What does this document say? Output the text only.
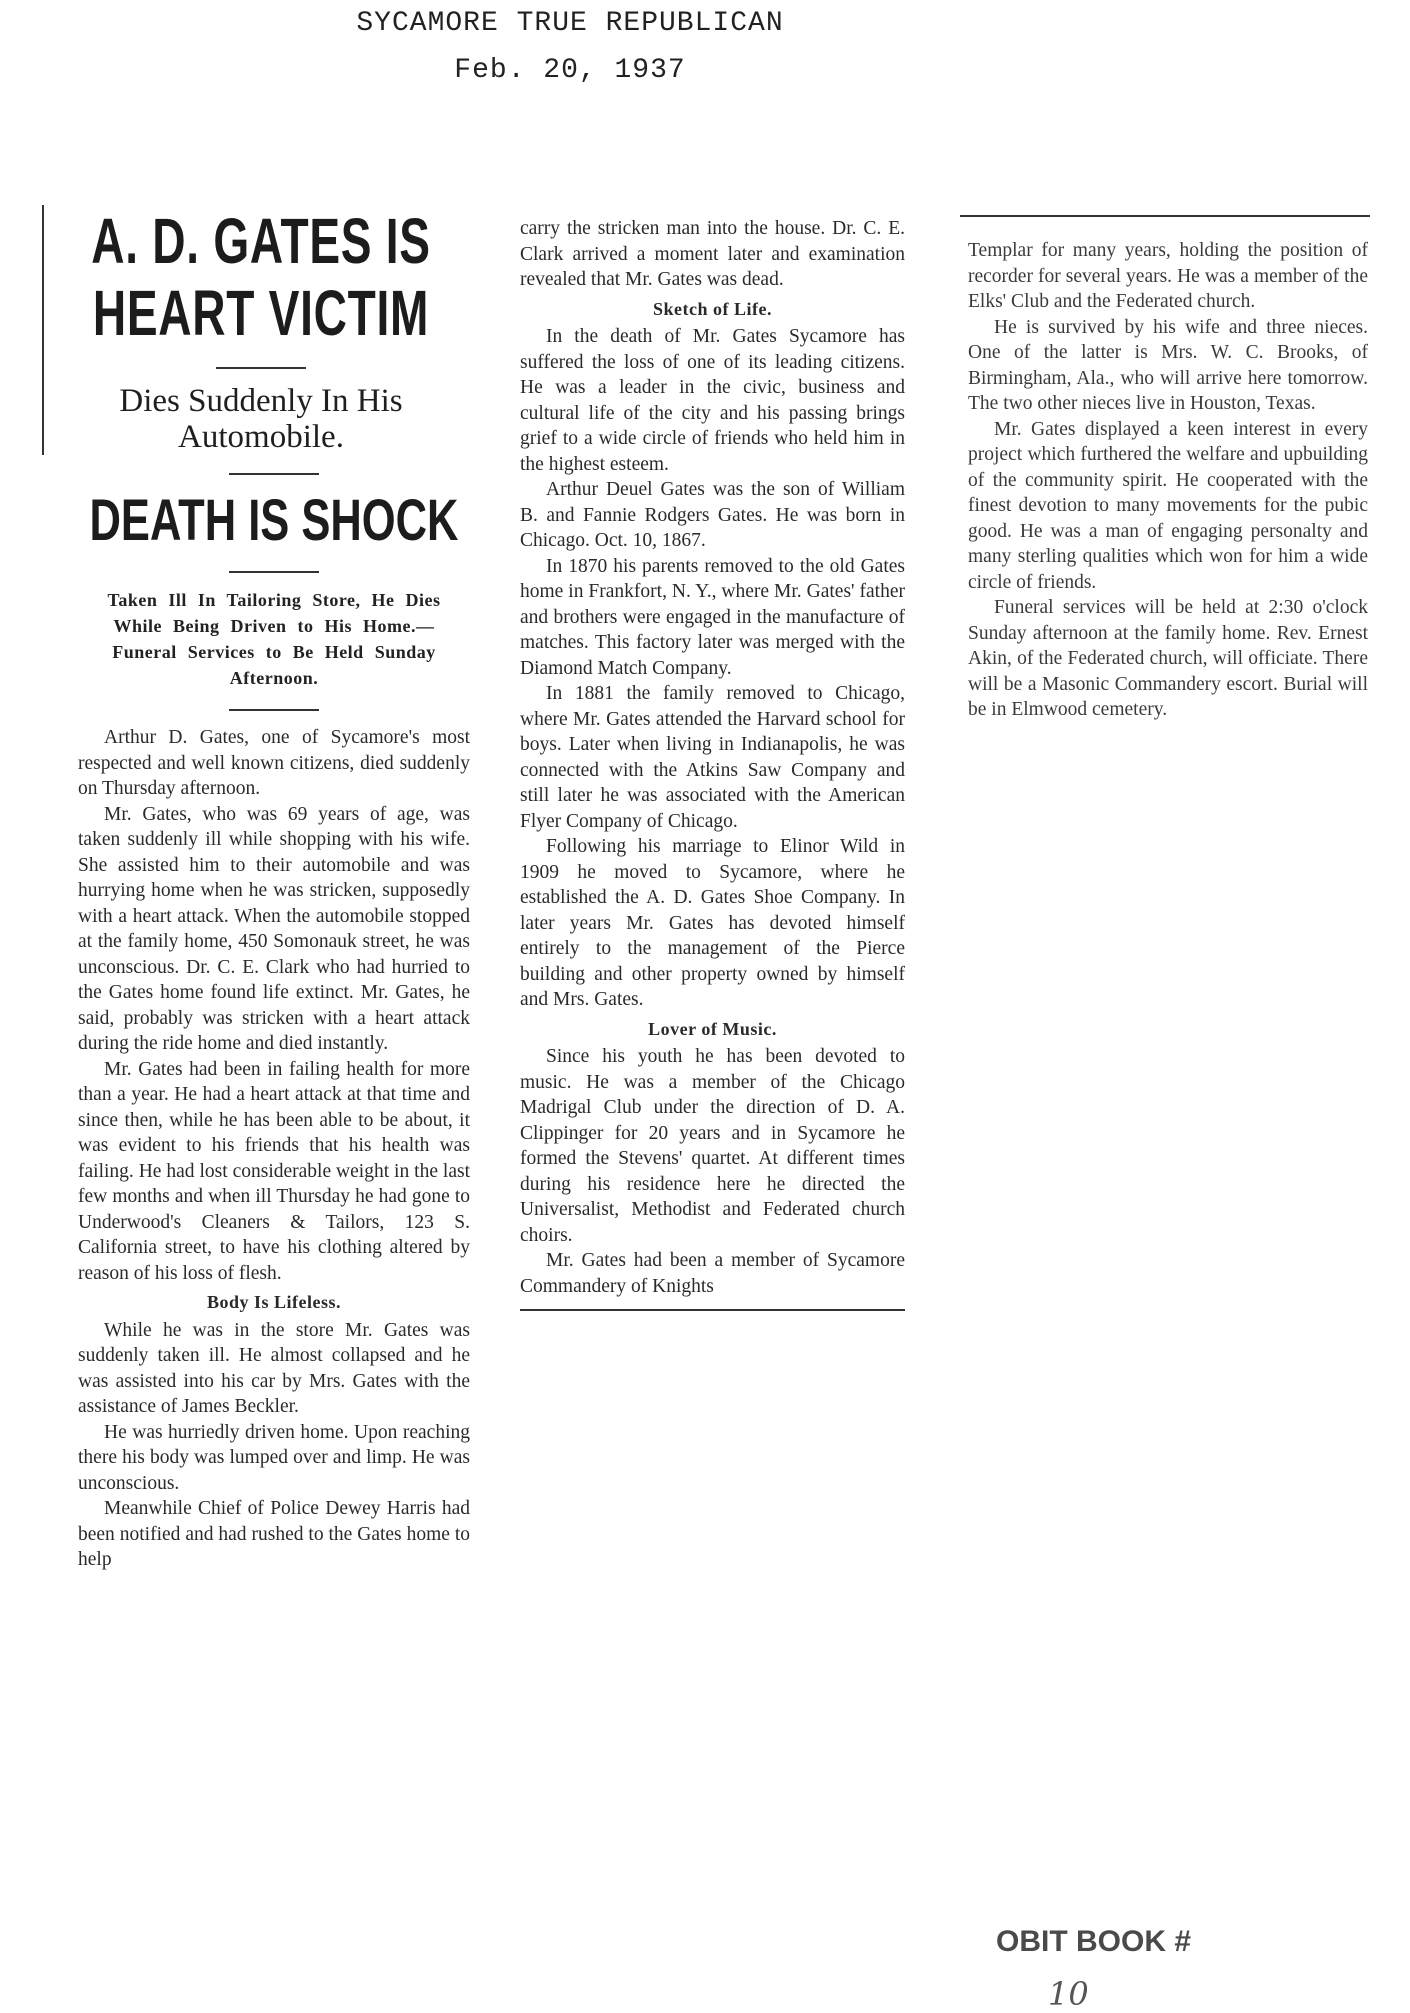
SYCAMORE TRUE REPUBLICAN
Feb. 20, 1937
A. D. GATES IS
HEART VICTIM
Dies Suddenly In His Automobile.
DEATH IS SHOCK
Taken Ill In Tailoring Store, He Dies While Being Driven to His Home.—Funeral Services to Be Held Sunday Afternoon.

Arthur D. Gates, one of Sycamore's most respected and well known citizens, died suddenly on Thursday afternoon.

Mr. Gates, who was 69 years of age, was taken suddenly ill while shopping with his wife. She assisted him to their automobile and was hurrying home when he was stricken, supposedly with a heart attack. When the automobile stopped at the family home, 450 Somonauk street, he was unconscious. Dr. C. E. Clark who had hurried to the Gates home found life extinct. Mr. Gates, he said, probably was stricken with a heart attack during the ride home and died instantly.

Mr. Gates had been in failing health for more than a year. He had a heart attack at that time and since then, while he has been able to be about, it was evident to his friends that his health was failing. He had lost considerable weight in the last few months and when ill Thursday he had gone to Underwood's Cleaners & Tailors, 123 S. California street, to have his clothing altered by reason of his loss of flesh.

Body Is Lifeless.

While he was in the store Mr. Gates was suddenly taken ill. He almost collapsed and he was assisted into his car by Mrs. Gates with the assistance of James Beckler.

He was hurriedly driven home. Upon reaching there his body was lumped over and limp. He was unconscious.

Meanwhile Chief of Police Dewey Harris had been notified and had rushed to the Gates home to help

carry the stricken man into the house. Dr. C. E. Clark arrived a moment later and examination revealed that Mr. Gates was dead.

Sketch of Life.

In the death of Mr. Gates Sycamore has suffered the loss of one of its leading citizens. He was a leader in the civic, business and cultural life of the city and his passing brings grief to a wide circle of friends who held him in the highest esteem.

Arthur Deuel Gates was the son of William B. and Fannie Rodgers Gates. He was born in Chicago. Oct. 10, 1867.

In 1870 his parents removed to the old Gates home in Frankfort, N. Y., where Mr. Gates' father and brothers were engaged in the manufacture of matches. This factory later was merged with the Diamond Match Company.

In 1881 the family removed to Chicago, where Mr. Gates attended the Harvard school for boys. Later when living in Indianapolis, he was connected with the Atkins Saw Company and still later he was associated with the American Flyer Company of Chicago.

Following his marriage to Elinor Wild in 1909 he moved to Sycamore, where he established the A. D. Gates Shoe Company. In later years Mr. Gates has devoted himself entirely to the management of the Pierce building and other property owned by himself and Mrs. Gates.

Lover of Music.

Since his youth he has been devoted to music. He was a member of the Chicago Madrigal Club under the direction of D. A. Clippinger for 20 years and in Sycamore he formed the Stevens' quartet. At different times during his residence here he directed the Universalist, Methodist and Federated church choirs.

Mr. Gates had been a member of Sycamore Commandery of Knights

Templar for many years, holding the position of recorder for several years. He was a member of the Elks' Club and the Federated church.

He is survived by his wife and three nieces. One of the latter is Mrs. W. C. Brooks, of Birmingham, Ala., who will arrive here tomorrow. The two other nieces live in Houston, Texas.

Mr. Gates displayed a keen interest in every project which furthered the welfare and upbuilding of the community spirit. He cooperated with the finest devotion to many movements for the pubic good. He was a man of engaging personalty and many sterling qualities which won for him a wide circle of friends.

Funeral services will be held at 2:30 o'clock Sunday afternoon at the family home. Rev. Ernest Akin, of the Federated church, will officiate. There will be a Masonic Commandery escort. Burial will be in Elmwood cemetery.

OBIT BOOK #
10
